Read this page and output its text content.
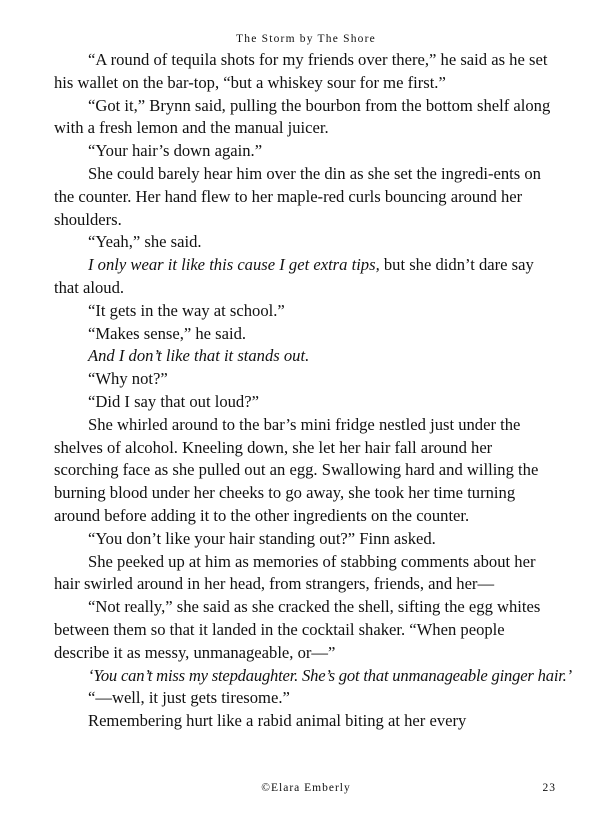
The Storm by The Shore

“A round of tequila shots for my friends over there,” he said as he set his wallet on the bar-top, “but a whiskey sour for me first.”

“Got it,” Brynn said, pulling the bourbon from the bottom shelf along with a fresh lemon and the manual juicer.

“Your hair’s down again.”

She could barely hear him over the din as she set the ingredi-ents on the counter. Her hand flew to her maple-red curls bouncing around her shoulders.

“Yeah,” she said.

I only wear it like this cause I get extra tips, but she didn’t dare say that aloud.

“It gets in the way at school.”

“Makes sense,” he said.

And I don’t like that it stands out.

“Why not?”

“Did I say that out loud?”

She whirled around to the bar’s mini fridge nestled just under the shelves of alcohol. Kneeling down, she let her hair fall around her scorching face as she pulled out an egg. Swallowing hard and willing the burning blood under her cheeks to go away, she took her time turning around before adding it to the other ingredients on the counter.

“You don’t like your hair standing out?” Finn asked.

She peeked up at him as memories of stabbing comments about her hair swirled around in her head, from strangers, friends, and her—

“Not really,” she said as she cracked the shell, sifting the egg whites between them so that it landed in the cocktail shaker. “When people describe it as messy, unmanageable, or—”

‘You can’t miss my stepdaughter. She’s got that unmanageable ginger hair.’

“—well, it just gets tiresome.”

Remembering hurt like a rabid animal biting at her every

©Elara Emberly	23
